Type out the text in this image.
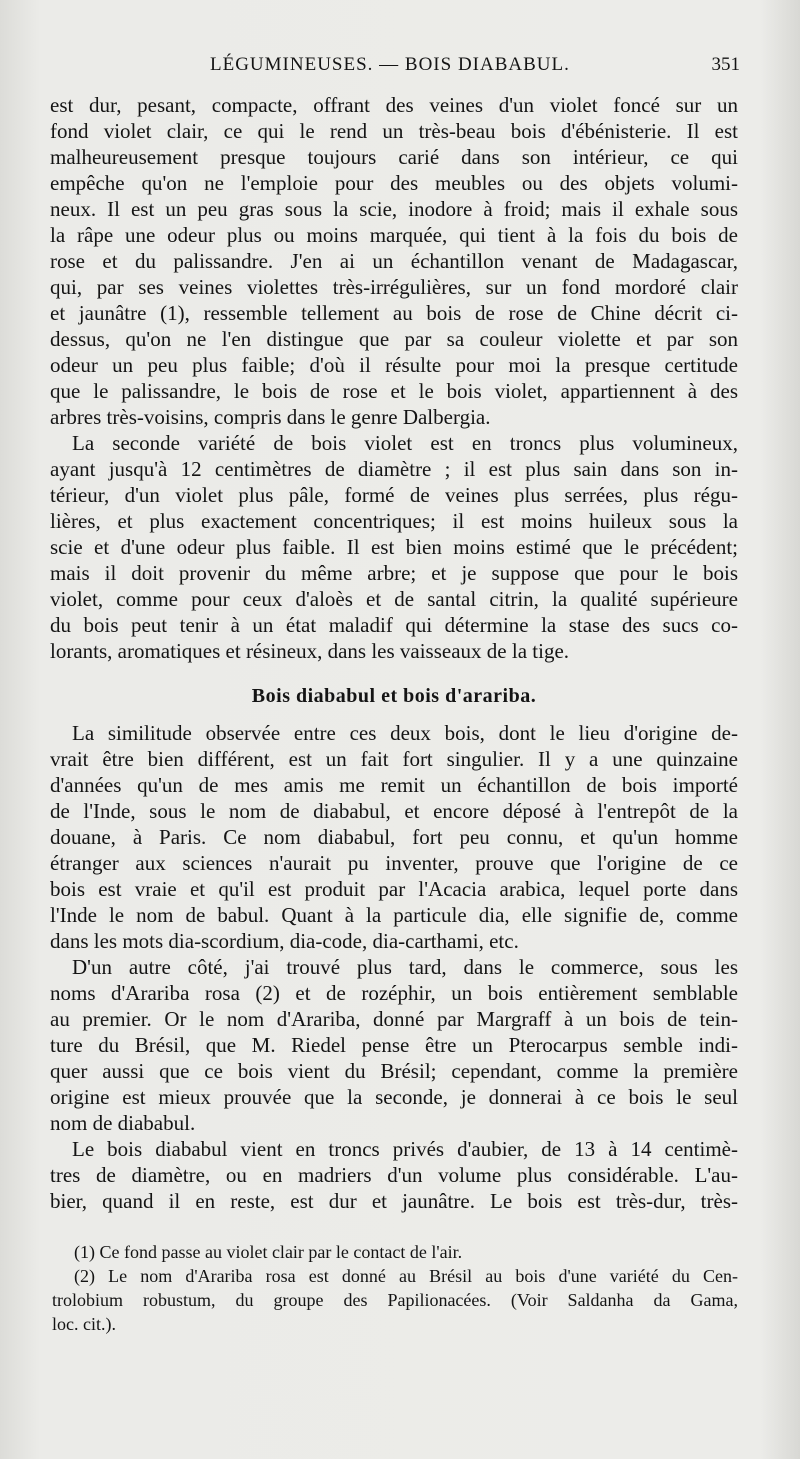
LÉGUMINEUSES. — BOIS DIABABUL.	351
est dur, pesant, compacte, offrant des veines d'un violet foncé sur un
fond violet clair, ce qui le rend un très-beau bois d'ébénisterie. Il est
malheureusement presque toujours carié dans son intérieur, ce qui
empêche qu'on ne l'emploie pour des meubles ou des objets volumi-
neux. Il est un peu gras sous la scie, inodore à froid; mais il exhale sous
la râpe une odeur plus ou moins marquée, qui tient à la fois du bois de
rose et du palissandre. J'en ai un échantillon venant de Madagascar,
qui, par ses veines violettes très-irrégulières, sur un fond mordoré clair
et jaunâtre (1), ressemble tellement au bois de rose de Chine décrit ci-
dessus, qu'on ne l'en distingue que par sa couleur violette et par son
odeur un peu plus faible; d'où il résulte pour moi la presque certitude
que le palissandre, le bois de rose et le bois violet, appartiennent à des
arbres très-voisins, compris dans le genre Dalbergia.
La seconde variété de bois violet est en troncs plus volumineux,
ayant jusqu'à 12 centimètres de diamètre ; il est plus sain dans son in-
térieur, d'un violet plus pâle, formé de veines plus serrées, plus régu-
lières, et plus exactement concentriques; il est moins huileux sous la
scie et d'une odeur plus faible. Il est bien moins estimé que le précédent;
mais il doit provenir du même arbre; et je suppose que pour le bois
violet, comme pour ceux d'aloès et de santal citrin, la qualité supérieure
du bois peut tenir à un état maladif qui détermine la stase des sucs co-
lorants, aromatiques et résineux, dans les vaisseaux de la tige.
Bois diababul et bois d'arariba.
La similitude observée entre ces deux bois, dont le lieu d'origine de-
vrait être bien différent, est un fait fort singulier. Il y a une quinzaine
d'années qu'un de mes amis me remit un échantillon de bois importé
de l'Inde, sous le nom de diababul, et encore déposé à l'entrepôt de la
douane, à Paris. Ce nom diababul, fort peu connu, et qu'un homme
étranger aux sciences n'aurait pu inventer, prouve que l'origine de ce
bois est vraie et qu'il est produit par l'Acacia arabica, lequel porte dans
l'Inde le nom de babul. Quant à la particule dia, elle signifie de, comme
dans les mots dia-scordium, dia-code, dia-carthami, etc.
D'un autre côté, j'ai trouvé plus tard, dans le commerce, sous les
noms d'Arariba rosa (2) et de rozéphir, un bois entièrement semblable
au premier. Or le nom d'Arariba, donné par Margraff à un bois de tein-
ture du Brésil, que M. Riedel pense être un Pterocarpus semble indi-
quer aussi que ce bois vient du Brésil; cependant, comme la première
origine est mieux prouvée que la seconde, je donnerai à ce bois le seul
nom de diababul.
Le bois diababul vient en troncs privés d'aubier, de 13 à 14 centimè-
tres de diamètre, ou en madriers d'un volume plus considérable. L'au-
bier, quand il en reste, est dur et jaunâtre. Le bois est très-dur, très-
(1) Ce fond passe au violet clair par le contact de l'air.
(2) Le nom d'Arariba rosa est donné au Brésil au bois d'une variété du Cen-
trolobium robustum, du groupe des Papilionacées. (Voir Saldanha da Gama,
loc. cit.).
